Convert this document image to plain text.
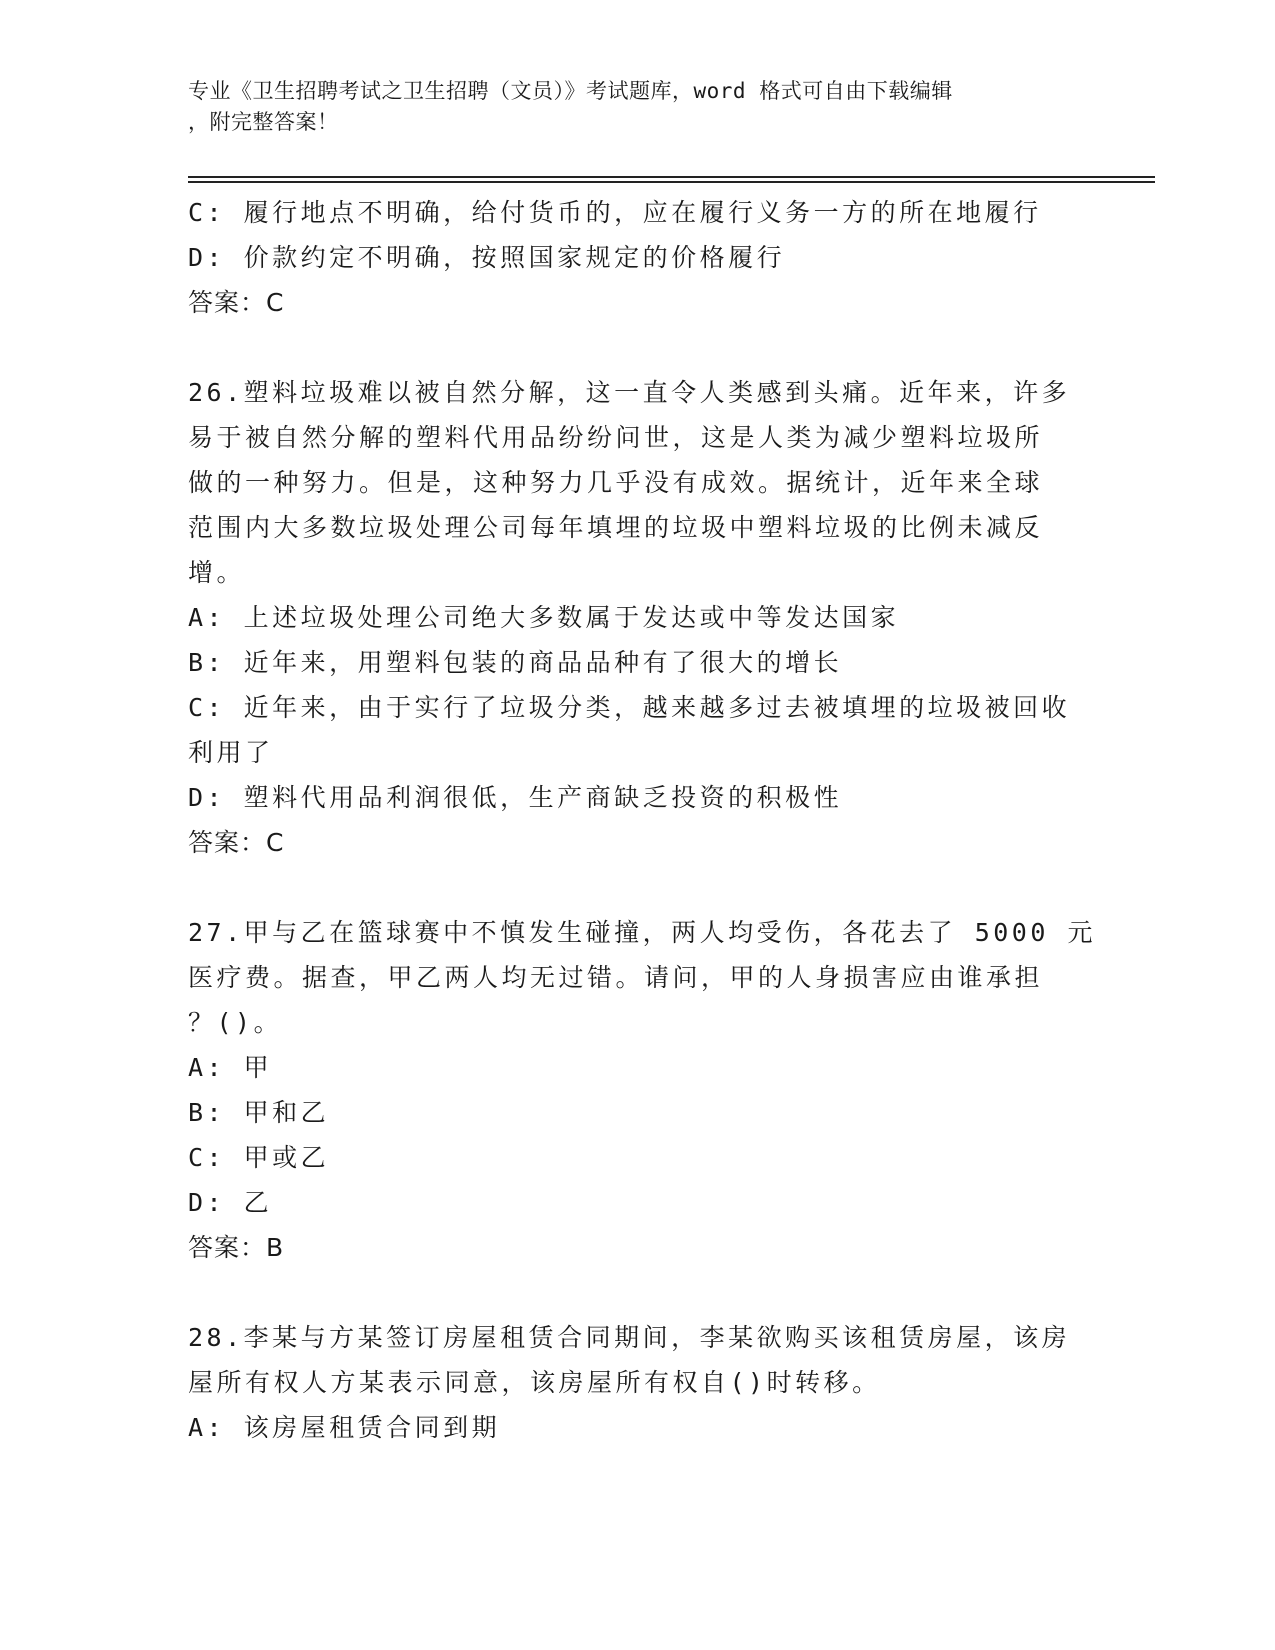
专业《卫生招聘考试之卫生招聘（文员）》考试题库，word 格式可自由下载编辑
，附完整答案！
C: 履行地点不明确，给付货币的，应在履行义务一方的所在地履行
D: 价款约定不明确，按照国家规定的价格履行
答案：C
26.塑料垃圾难以被自然分解，这一直令人类感到头痛。近年来，许多
易于被自然分解的塑料代用品纷纷问世，这是人类为减少塑料垃圾所
做的一种努力。但是，这种努力几乎没有成效。据统计，近年来全球
范围内大多数垃圾处理公司每年填埋的垃圾中塑料垃圾的比例未减反
增。
A: 上述垃圾处理公司绝大多数属于发达或中等发达国家
B: 近年来，用塑料包装的商品品种有了很大的增长
C: 近年来，由于实行了垃圾分类，越来越多过去被填埋的垃圾被回收
利用了
D: 塑料代用品利润很低，生产商缺乏投资的积极性
答案：C
27.甲与乙在篮球赛中不慎发生碰撞，两人均受伤，各花去了 5000 元
医疗费。据查，甲乙两人均无过错。请问，甲的人身损害应由谁承担
？()。
A: 甲
B: 甲和乙
C: 甲或乙
D: 乙
答案：B
28.李某与方某签订房屋租赁合同期间，李某欲购买该租赁房屋，该房
屋所有权人方某表示同意，该房屋所有权自()时转移。
A: 该房屋租赁合同到期
